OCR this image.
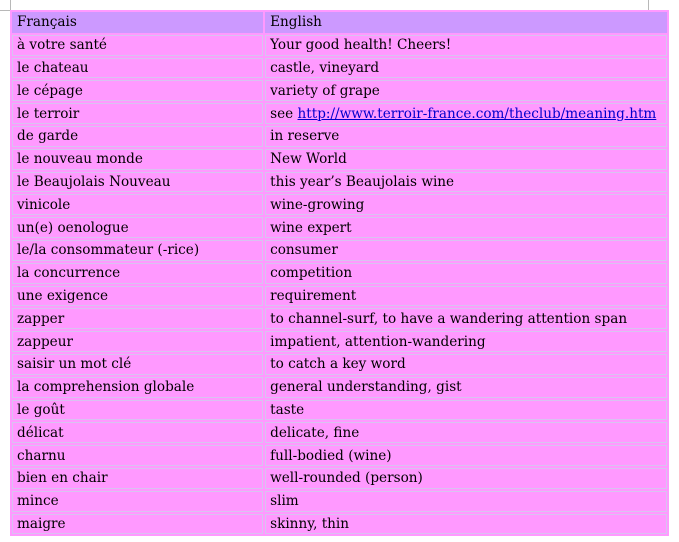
Français	English
à votre santé	Your good health! Cheers!
le chateau	castle, vineyard
le cépage	variety of grape
le terroir	see http://www.terroir-france.com/theclub/meaning.htm
de garde	in reserve
le nouveau monde	New World
le Beaujolais Nouveau	this year’s Beaujolais wine
vinicole	wine-growing
un(e) oenologue	wine expert
le/la consommateur (-rice)	consumer
la concurrence	competition
une exigence	requirement
zapper	to channel-surf, to have a wandering attention span
zappeur	impatient, attention-wandering
saisir un mot clé	to catch a key word
la comprehension globale	general understanding, gist
le goût	taste
délicat	delicate, fine
charnu	full-bodied (wine)
bien en chair	well-rounded (person)
mince	slim
maigre	skinny, thin
